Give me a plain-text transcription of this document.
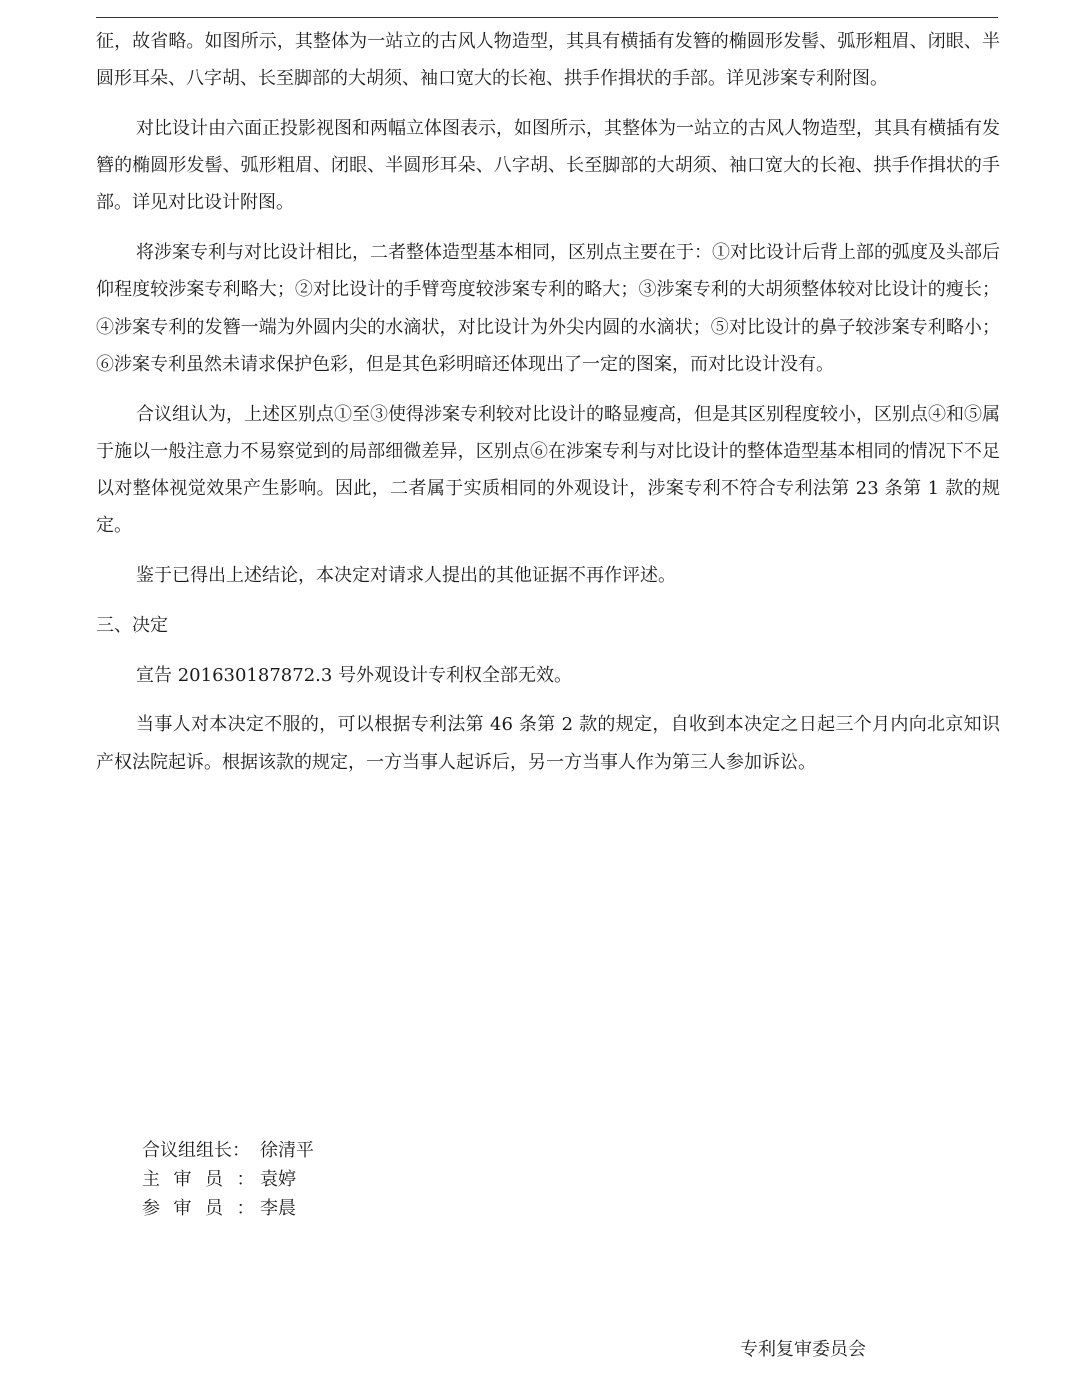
征，故省略。如图所示，其整体为一站立的古风人物造型，其具有横插有发簪的椭圆形发髻、弧形粗眉、闭眼、半圆形耳朵、八字胡、长至脚部的大胡须、袖口宽大的长袍、拱手作揖状的手部。详见涉案专利附图。

对比设计由六面正投影视图和两幅立体图表示，如图所示，其整体为一站立的古风人物造型，其具有横插有发簪的椭圆形发髻、弧形粗眉、闭眼、半圆形耳朵、八字胡、长至脚部的大胡须、袖口宽大的长袍、拱手作揖状的手部。详见对比设计附图。

将涉案专利与对比设计相比，二者整体造型基本相同，区别点主要在于：①对比设计后背上部的弧度及头部后仰程度较涉案专利略大；②对比设计的手臂弯度较涉案专利的略大；③涉案专利的大胡须整体较对比设计的瘦长；④涉案专利的发簪一端为外圆内尖的水滴状，对比设计为外尖内圆的水滴状；⑤对比设计的鼻子较涉案专利略小；⑥涉案专利虽然未请求保护色彩，但是其色彩明暗还体现出了一定的图案，而对比设计没有。

合议组认为，上述区别点①至③使得涉案专利较对比设计的略显瘦高，但是其区别程度较小，区别点④和⑤属于施以一般注意力不易察觉到的局部细微差异，区别点⑥在涉案专利与对比设计的整体造型基本相同的情况下不足以对整体视觉效果产生影响。因此，二者属于实质相同的外观设计，涉案专利不符合专利法第 23 条第 1 款的规定。

鉴于已得出上述结论，本决定对请求人提出的其他证据不再作评述。

三、决定

宣告 201630187872.3 号外观设计专利权全部无效。

当事人对本决定不服的，可以根据专利法第 46 条第 2 款的规定，自收到本决定之日起三个月内向北京知识产权法院起诉。根据该款的规定，一方当事人起诉后，另一方当事人作为第三人参加诉讼。

合议组组长： 徐清平
主审员：
袁婷
参审员：
李晨
专利复审委员会
